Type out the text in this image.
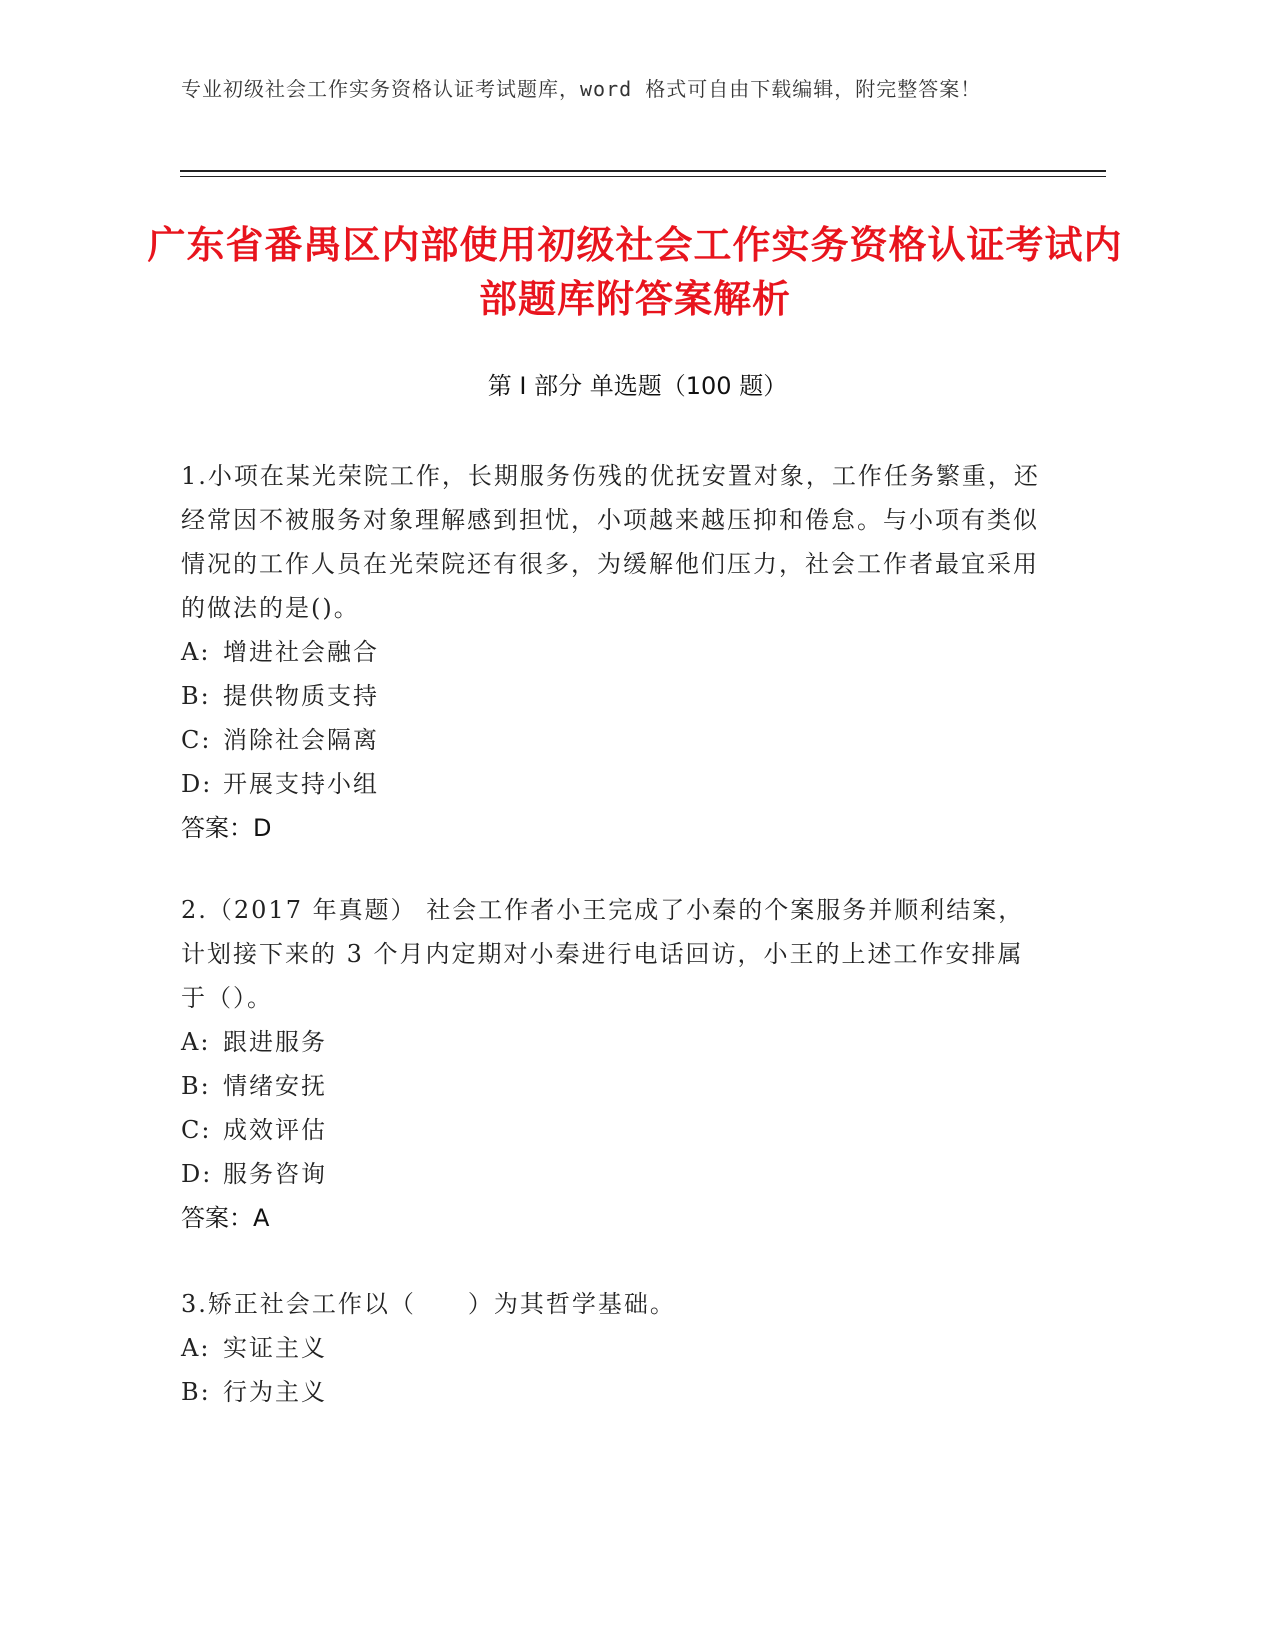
专业初级社会工作实务资格认证考试题库，word 格式可自由下载编辑，附完整答案！
广东省番禺区内部使用初级社会工作实务资格认证考试内部题库附答案解析
第 I 部分 单选题（100 题）

1.小项在某光荣院工作，长期服务伤残的优抚安置对象，工作任务繁重，还经常因不被服务对象理解感到担忧，小项越来越压抑和倦怠。与小项有类似情况的工作人员在光荣院还有很多，为缓解他们压力，社会工作者最宜采用的做法的是()。

A: 增进社会融合
B: 提供物质支持
C: 消除社会隔离
D: 开展支持小组

答案：D

2.（2017 年真题） 社会工作者小王完成了小秦的个案服务并顺利结案，计划接下来的 3 个月内定期对小秦进行电话回访，小王的上述工作安排属于（）。

A: 跟进服务
B: 情绪安抚
C: 成效评估
D: 服务咨询

答案：A

3.矫正社会工作以（　　）为其哲学基础。

A: 实证主义
B: 行为主义
